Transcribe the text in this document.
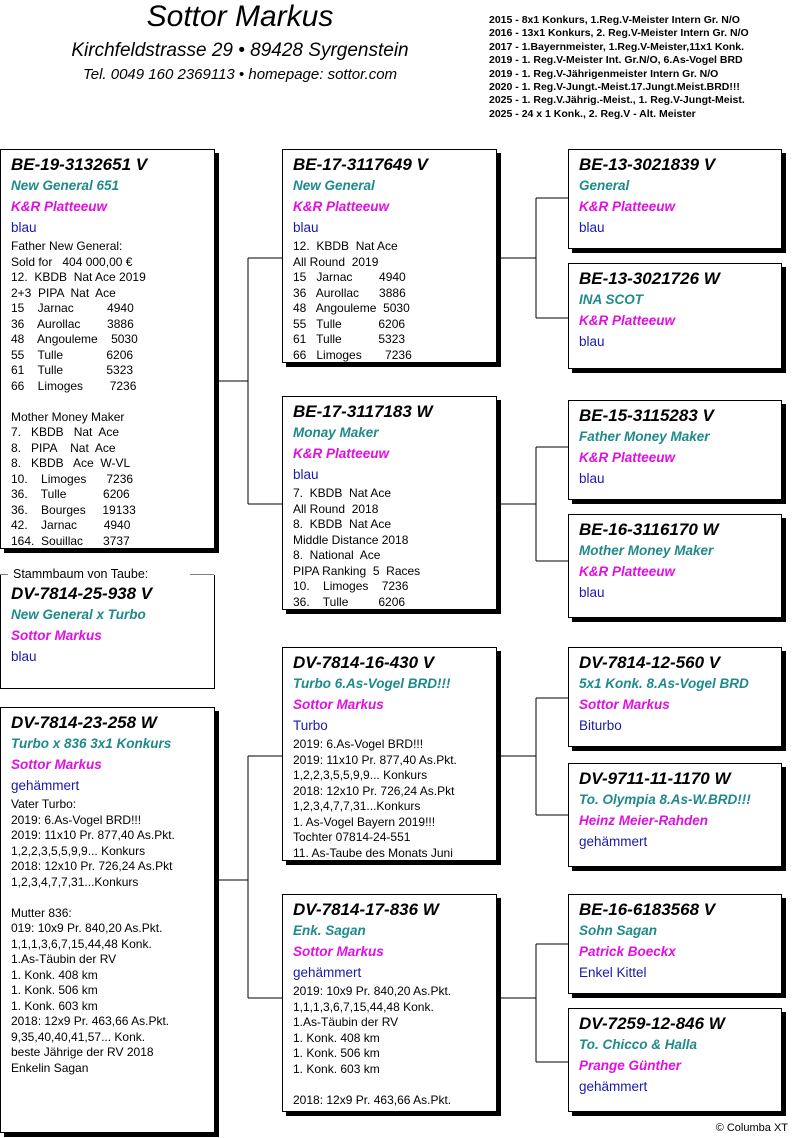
Sottor Markus
Kirchfeldstrasse 29 • 89428 Syrgenstein
Tel. 0049 160 2369113 • homepage: sottor.com
2015 - 8x1 Konkurs, 1.Reg.V-Meister Intern Gr. N/O
2016 - 13x1 Konkurs, 2. Reg.V-Meister Intern Gr. N/O
2017 - 1.Bayernmeister, 1.Reg.V-Meister,11x1 Konk.
2019 - 1. Reg.V-Meister Int. Gr.N/O, 6.As-Vogel BRD
2019 - 1. Reg.V-Jährigenmeister Intern Gr. N/O
2020 - 1. Reg.V-Jungt.-Meist.17.Jungt.Meist.BRD!!!
2025 - 1. Reg.V.Jährig.-Meist., 1. Reg.V-Jungt-Meist.
2025 - 24 x 1 Konk., 2. Reg.V - Alt. Meister
BE-19-3132651 V
New General 651
K&R Platteeuw
blau
Father New General:
Sold for   404 000,00 €
12.  KBDB  Nat Ace 2019
2+3  PIPA  Nat  Ace
15    Jarnac          4940
36    Aurollac        3886
48    Angouleme    5030
55    Tulle             6206
61    Tulle             5323
66    Limoges        7236
Mother Money Maker
7.   KBDB   Nat  Ace
8.   PIPA    Nat  Ace
8.   KBDB   Ace  W-VL
10.    Limoges      7236
36.    Tulle           6206
36.    Bourges     19133
42.    Jarnac        4940
164.  Souillac      3737
DV-7814-25-938 V
New General x Turbo
Sottor Markus
blau
Stammbaum von Taube:
DV-7814-23-258 W
Turbo x 836 3x1 Konkurs
Sottor Markus
gehämmert
Vater Turbo:
2019: 6.As-Vogel BRD!!!
2019: 11x10 Pr. 877,40 As.Pkt.
1,2,2,3,5,5,9,9... Konkurs
2018: 12x10 Pr. 726,24 As.Pkt
1,2,3,4,7,7,31...Konkurs
Mutter 836:
019: 10x9 Pr. 840,20 As.Pkt.
1,1,1,3,6,7,15,44,48 Konk.
1.As-Täubin der RV
1. Konk. 408 km
1. Konk. 506 km
1. Konk. 603 km
2018: 12x9 Pr. 463,66 As.Pkt.
9,35,40,40,41,57... Konk.
beste Jährige der RV 2018
Enkelin Sagan
BE-17-3117649 V
New General
K&R Platteeuw
blau
12.  KBDB  Nat Ace
All Round  2019
15   Jarnac        4940
36   Aurollac      3886
48   Angouleme  5030
55   Tulle           6206
61   Tulle           5323
66   Limoges       7236
BE-17-3117183 W
Monay Maker
K&R Platteeuw
blau
7.  KBDB  Nat Ace
All Round  2018
8.  KBDB  Nat Ace
Middle Distance 2018
8.  National  Ace
PIPA Ranking  5  Races
10.    Limoges    7236
36.    Tulle         6206
DV-7814-16-430 V
Turbo 6.As-Vogel BRD!!!
Sottor Markus
Turbo
2019: 6.As-Vogel BRD!!!
2019: 11x10 Pr. 877,40 As.Pkt.
1,2,2,3,5,5,9,9... Konkurs
2018: 12x10 Pr. 726,24 As.Pkt
1,2,3,4,7,7,31...Konkurs
1. As-Vogel Bayern 2019!!!
Tochter 07814-24-551
11. As-Taube des Monats Juni
DV-7814-17-836 W
Enk. Sagan
Sottor Markus
gehämmert
2019: 10x9 Pr. 840,20 As.Pkt.
1,1,1,3,6,7,15,44,48 Konk.
1.As-Täubin der RV
1. Konk. 408 km
1. Konk. 506 km
1. Konk. 603 km
2018: 12x9 Pr. 463,66 As.Pkt.
BE-13-3021839 V
General
K&R Platteeuw
blau
BE-13-3021726 W
INA SCOT
K&R Platteeuw
blau
BE-15-3115283 V
Father Money Maker
K&R Platteeuw
blau
BE-16-3116170 W
Mother Money Maker
K&R Platteeuw
blau
DV-7814-12-560 V
5x1 Konk. 8.As-Vogel BRD
Sottor Markus
Biturbo
DV-9711-11-1170 W
To. Olympia 8.As-W.BRD!!!
Heinz Meier-Rahden
gehämmert
BE-16-6183568 V
Sohn Sagan
Patrick Boeckx
Enkel Kittel
DV-7259-12-846 W
To. Chicco & Halla
Prange Günther
gehämmert
© Columba XT
